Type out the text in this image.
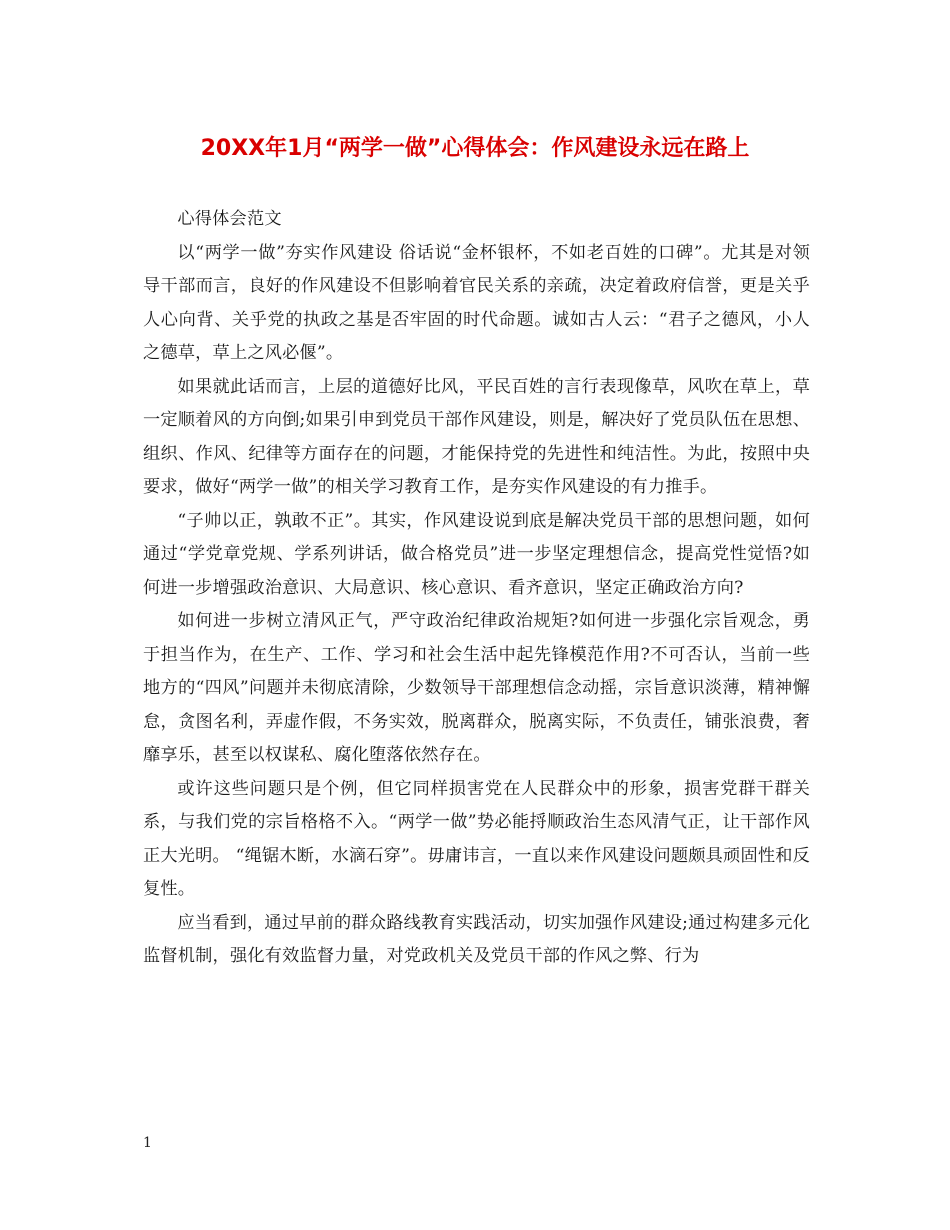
20XX年1月“两学一做”心得体会：作风建设永远在路上

心得体会范文

以“两学一做”夯实作风建设 俗话说“金杯银杯，不如老百姓的口碑”。尤其是对领导干部而言，良好的作风建设不但影响着官民关系的亲疏，决定着政府信誉，更是关乎人心向背、关乎党的执政之基是否牢固的时代命题。诚如古人云：“君子之德风，小人之德草，草上之风必偃”。

如果就此话而言，上层的道德好比风，平民百姓的言行表现像草，风吹在草上，草一定顺着风的方向倒;如果引申到党员干部作风建设，则是，解决好了党员队伍在思想、组织、作风、纪律等方面存在的问题，才能保持党的先进性和纯洁性。为此，按照中央要求，做好“两学一做”的相关学习教育工作，是夯实作风建设的有力推手。

“子帅以正，孰敢不正”。其实，作风建设说到底是解决党员干部的思想问题，如何通过“学党章党规、学系列讲话，做合格党员”进一步坚定理想信念，提高党性觉悟?如何进一步增强政治意识、大局意识、核心意识、看齐意识，坚定正确政治方向?

如何进一步树立清风正气，严守政治纪律政治规矩?如何进一步强化宗旨观念，勇于担当作为，在生产、工作、学习和社会生活中起先锋模范作用?不可否认，当前一些地方的“四风”问题并未彻底清除，少数领导干部理想信念动摇，宗旨意识淡薄，精神懈怠，贪图名利，弄虚作假，不务实效，脱离群众，脱离实际，不负责任，铺张浪费，奢靡享乐，甚至以权谋私、腐化堕落依然存在。

或许这些问题只是个例，但它同样损害党在人民群众中的形象，损害党群干群关系，与我们党的宗旨格格不入。“两学一做”势必能捋顺政治生态风清气正，让干部作风正大光明。 “绳锯木断，水滴石穿”。毋庸讳言，一直以来作风建设问题颇具顽固性和反复性。

应当看到，通过早前的群众路线教育实践活动，切实加强作风建设;通过构建多元化监督机制，强化有效监督力量，对党政机关及党员干部的作风之弊、行为

1
